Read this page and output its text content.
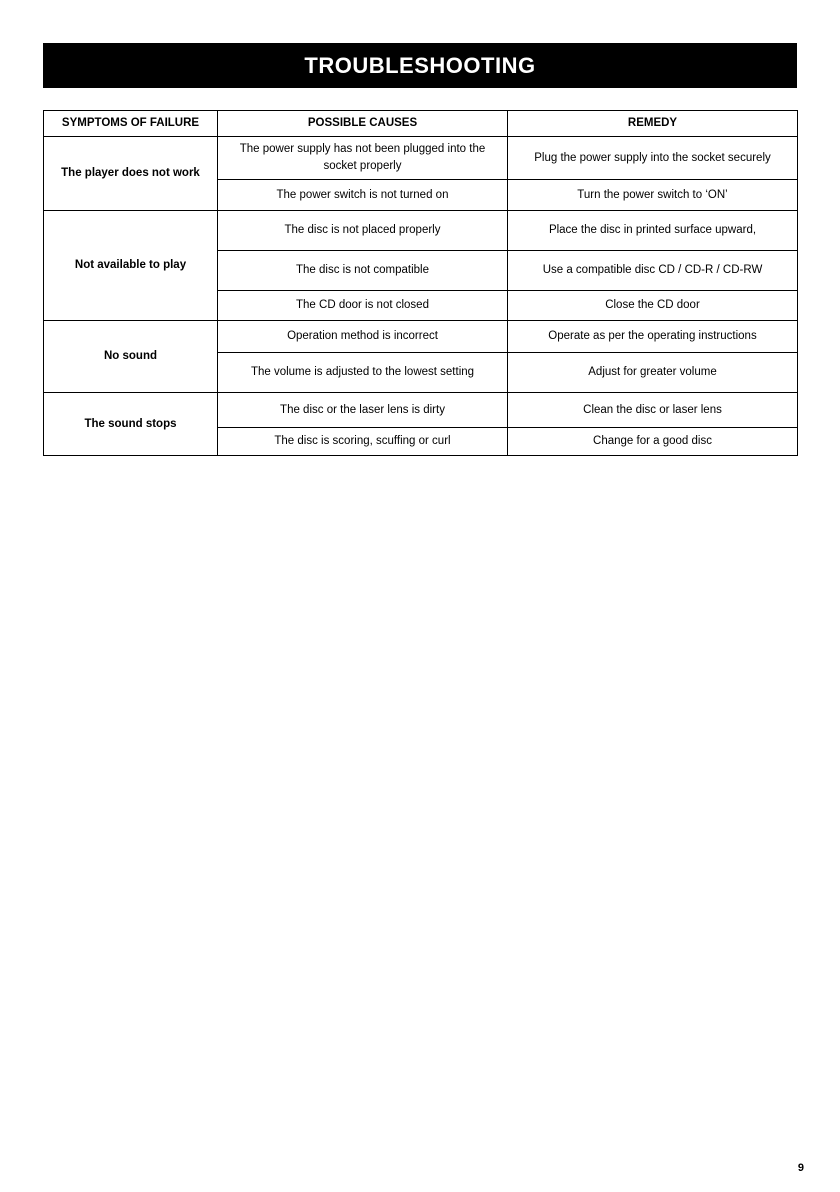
TROUBLESHOOTING
SYMPTOMS OF FAILURE	POSSIBLE CAUSES	REMEDY
The player does not work	The power supply has not been plugged into the socket properly	Plug the power supply into the socket securely
	The power switch is not turned on	Turn the power switch to ‘ON’
Not available to play	The disc is not placed properly	Place the disc in printed surface upward,
	The disc is not compatible	Use a compatible disc CD / CD-R / CD-RW
	The CD door is not closed	Close the CD door
No sound	Operation method is incorrect	Operate as per the operating instructions
	The volume is adjusted to the lowest setting	Adjust for greater volume
The sound stops	The disc or the laser lens is dirty	Clean the disc or laser lens
	The disc is scoring, scuffing or curl	Change for a good disc
9
